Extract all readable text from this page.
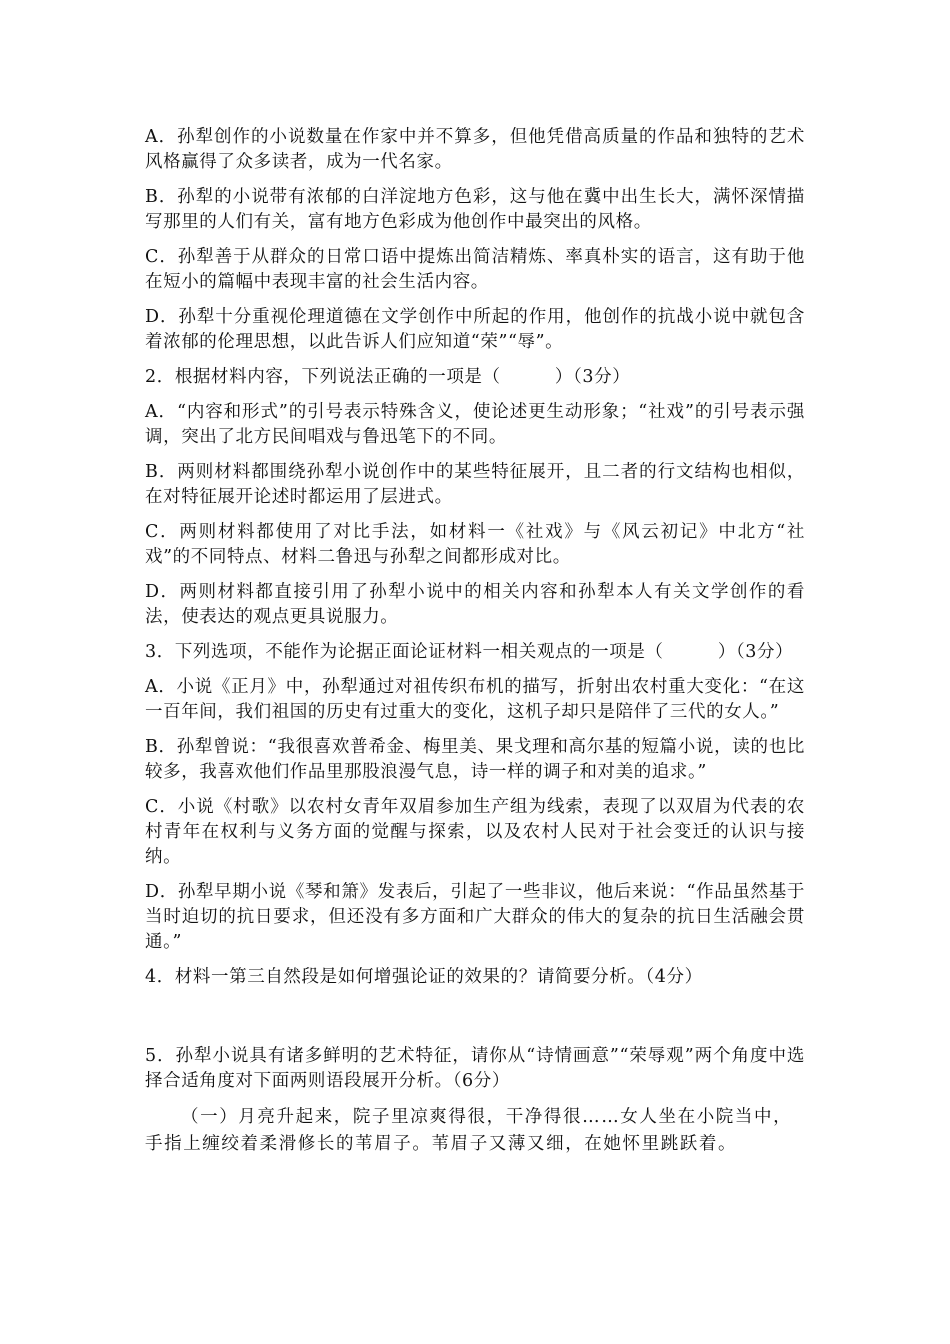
A．孙犁创作的小说数量在作家中并不算多，但他凭借高质量的作品和独特的艺术风格赢得了众多读者，成为一代名家。

B．孙犁的小说带有浓郁的白洋淀地方色彩，这与他在冀中出生长大，满怀深情描写那里的人们有关，富有地方色彩成为他创作中最突出的风格。

C．孙犁善于从群众的日常口语中提炼出简洁精炼、率真朴实的语言，这有助于他在短小的篇幅中表现丰富的社会生活内容。

D．孙犁十分重视伦理道德在文学创作中所起的作用，他创作的抗战小说中就包含着浓郁的伦理思想，以此告诉人们应知道“荣”“辱”。

2．根据材料内容，下列说法正确的一项是（　　　）（3分）

A．“内容和形式”的引号表示特殊含义，使论述更生动形象；“社戏”的引号表示强调，突出了北方民间唱戏与鲁迅笔下的不同。

B．两则材料都围绕孙犁小说创作中的某些特征展开，且二者的行文结构也相似，在对特征展开论述时都运用了层进式。

C．两则材料都使用了对比手法，如材料一《社戏》与《风云初记》中北方“社戏”的不同特点、材料二鲁迅与孙犁之间都形成对比。

D．两则材料都直接引用了孙犁小说中的相关内容和孙犁本人有关文学创作的看法，使表达的观点更具说服力。

3．下列选项，不能作为论据正面论证材料一相关观点的一项是（　　　）（3分）

A．小说《正月》中，孙犁通过对祖传织布机的描写，折射出农村重大变化：“在这一百年间，我们祖国的历史有过重大的变化，这机子却只是陪伴了三代的女人。”

B．孙犁曾说：“我很喜欢普希金、梅里美、果戈理和高尔基的短篇小说，读的也比较多，我喜欢他们作品里那股浪漫气息，诗一样的调子和对美的追求。”

C．小说《村歌》以农村女青年双眉参加生产组为线索，表现了以双眉为代表的农村青年在权利与义务方面的觉醒与探索，以及农村人民对于社会变迁的认识与接纳。

D．孙犁早期小说《琴和箫》发表后，引起了一些非议，他后来说：“作品虽然基于当时迫切的抗日要求，但还没有多方面和广大群众的伟大的复杂的抗日生活融会贯通。”

4．材料一第三自然段是如何增强论证的效果的？请简要分析。（4分）

5．孙犁小说具有诸多鲜明的艺术特征，请你从“诗情画意”“荣辱观”两个角度中选择合适角度对下面两则语段展开分析。（6分）

（一）月亮升起来，院子里凉爽得很，干净得很……女人坐在小院当中，手指上缠绞着柔滑修长的苇眉子。苇眉子又薄又细，在她怀里跳跃着。
